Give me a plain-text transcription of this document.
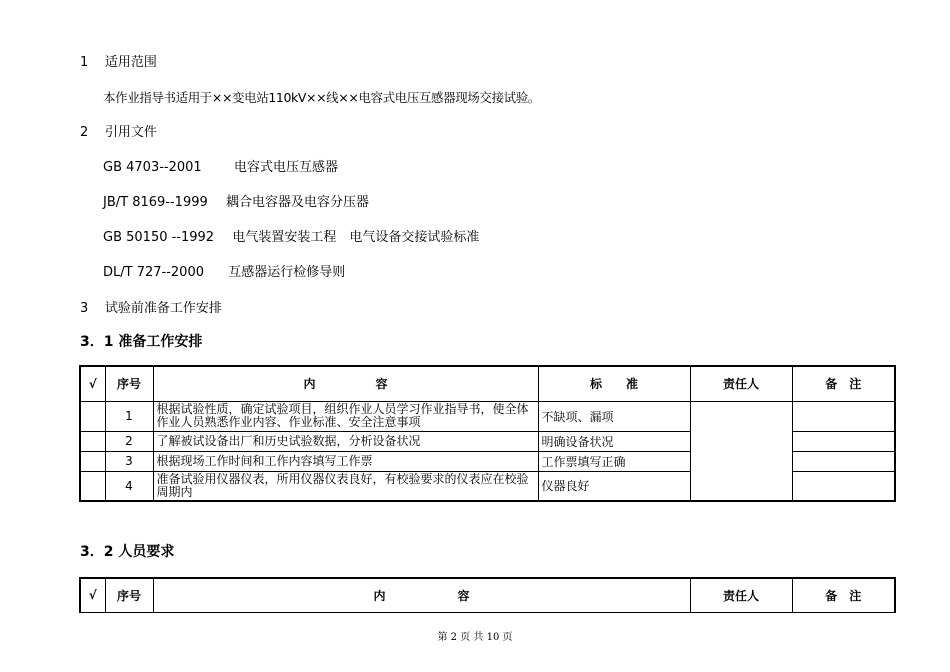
1 适用范围
本作业指导书适用于××变电站110kV××线××电容式电压互感器现场交接试验。
2 引用文件
GB 4703--2001 电容式电压互感器
JB/T 8169--1999 耦合电容器及电容分压器
GB 50150 --1992 电气装置安装工程　电气设备交接试验标准
DL/T 727--2000 互感器运行检修导则
3 试验前准备工作安排
3．1 准备工作安排
√	序号	内　　　　　容	标　　准	责任人	备　注
	1	根据试验性质，确定试验项目，组织作业人员学习作业指导书，使全体作业人员熟悉作业内容、作业标准、安全注意事项	不缺项、漏项		
	2	了解被试设备出厂和历史试验数据，分析设备状况	明确设备状况		
	3	根据现场工作时间和工作内容填写工作票	工作票填写正确		
	4	准备试验用仪器仪表，所用仪器仪表良好，有校验要求的仪表应在校验周期内	仪器良好		
3．2 人员要求
√	序号	内　　　　　　容	责任人	备　注
第 2 页 共 10 页
